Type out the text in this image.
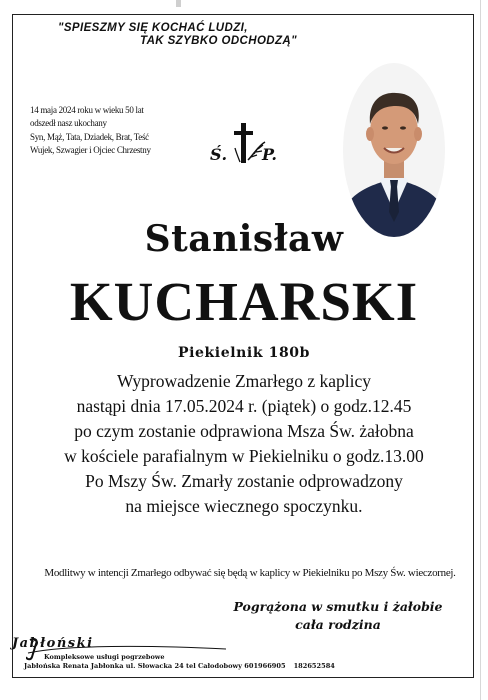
"SPIESZMY SIĘ KOCHAĆ LUDZI,
TAK SZYBKO ODCHODZĄ"
14 maja 2024 roku w wieku 50 lat
odszedł nasz ukochany
Syn, Mąż, Tata, Dziadek, Brat, Teść
Wujek, Szwagier i Ojciec Chrzestny	Ś. P.
Stanisław
KUCHARSKI
Piekielnik 180b
Wyprowadzenie Zmarłego z kaplicy
nastąpi dnia 17.05.2024 r. (piątek) o godz.12.45
po czym zostanie odprawiona Msza Św. żałobna
w kościele parafialnym w Piekielniku o godz.13.00
Po Mszy Św. Zmarły zostanie odprowadzony
na miejsce wiecznego spoczynku.
Modlitwy w intencji Zmarłego odbywać się będą w kaplicy w Piekielniku po Mszy Św. wieczornej.
Pogrążona w smutku i żałobie
cała rodzina
Jabłoński
Kompleksowe usługi pogrzebowe
Jabłońska Renata Jabłonka ul. Słowacka 24 tel Całodobowy 601966905 182652584
